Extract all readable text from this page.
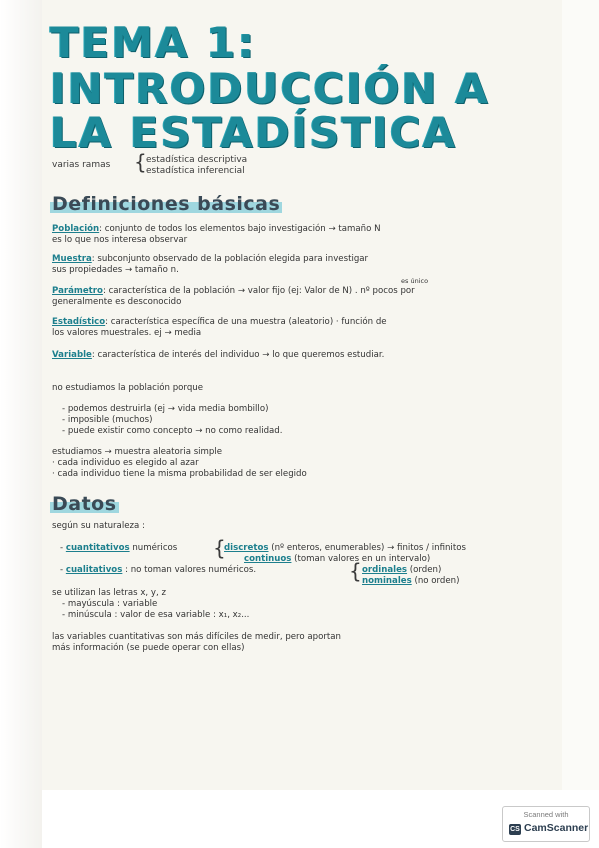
TEMA 1:
INTRODUCCIÓN A
LA ESTADÍSTICA
varias ramas { estadística descriptiva
estadística inferencial
Definiciones básicas
Población: conjunto de todos los elementos bajo investigación → tamaño N
es lo que nos interesa observar
Muestra: subconjunto observado de la población elegida para investigar
sus propiedades → tamaño n.
es único
Parámetro: característica de la población → valor fijo (ej: Valor de N) . nº pocos por
generalmente es desconocido
Estadístico: característica específica de una muestra (aleatorio) · función de
los valores muestrales. ej → media
Variable: característica de interés del individuo → lo que queremos estudiar.
no estudiamos la población porque
- podemos destruirla (ej → vida media bombillo)
- imposible (muchos)
- puede existir como concepto → no como realidad.
estudiamos → muestra aleatoria simple
· cada individuo es elegido al azar
· cada individuo tiene la misma probabilidad de ser elegido
Datos
según su naturaleza :
- cuantitativos numéricos {
discretos (nº enteros, enumerables) → finitos / infinitos
continuos (toman valores en un intervalo)
- cualitativos : no toman valores numéricos.	{ ordinales (orden)
nominales (no orden)
se utilizan las letras x, y, z
- mayúscula : variable
- minúscula : valor de esa variable : x₁, x₂...
las variables cuantitativas son más difíciles de medir, pero aportan
más información (se puede operar con ellas)
Scanned with
CS CamScanner
